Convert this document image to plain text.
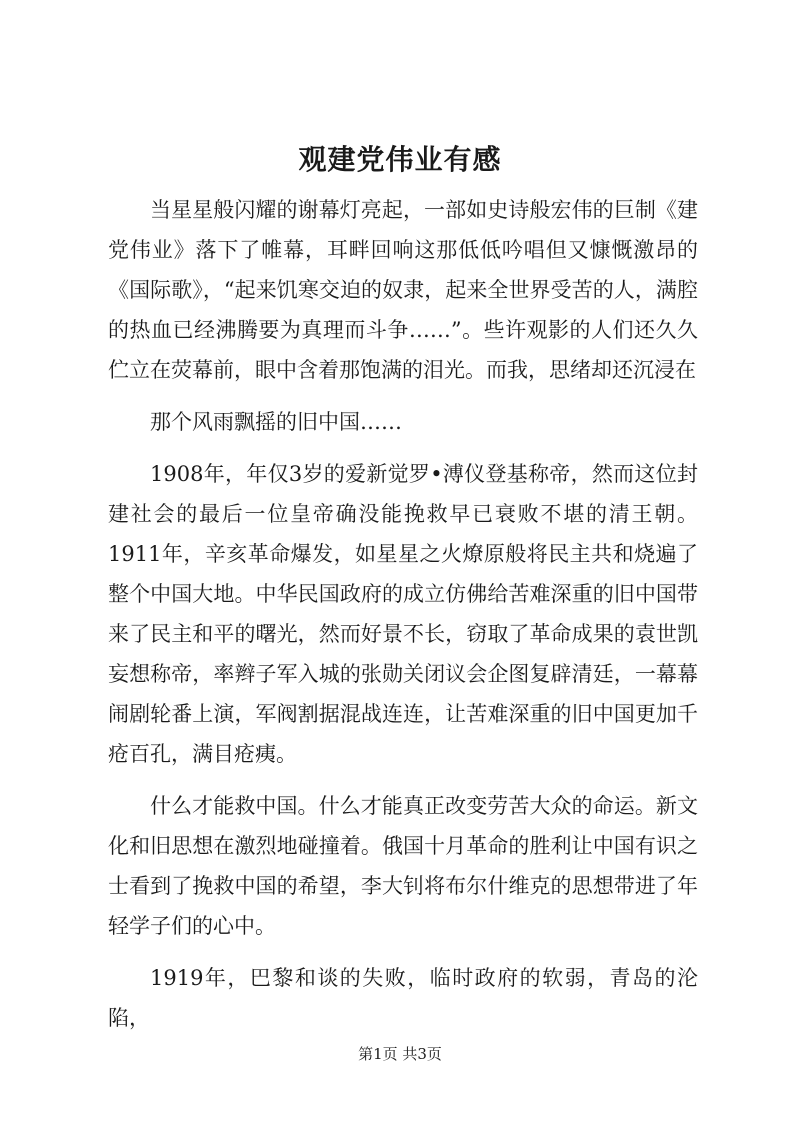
观建党伟业有感

当星星般闪耀的谢幕灯亮起，一部如史诗般宏伟的巨制《建党伟业》落下了帷幕，耳畔回响这那低低吟唱但又慷慨激昂的《国际歌》，“起来饥寒交迫的奴隶，起来全世界受苦的人，满腔的热血已经沸腾要为真理而斗争……”。些许观影的人们还久久伫立在荧幕前，眼中含着那饱满的泪光。而我，思绪却还沉浸在

那个风雨飘摇的旧中国……

1908年，年仅3岁的爱新觉罗•溥仪登基称帝，然而这位封建社会的最后一位皇帝确没能挽救早已衰败不堪的清王朝。1911年，辛亥革命爆发，如星星之火燎原般将民主共和烧遍了整个中国大地。中华民国政府的成立仿佛给苦难深重的旧中国带来了民主和平的曙光，然而好景不长，窃取了革命成果的袁世凯妄想称帝，率辫子军入城的张勋关闭议会企图复辟清廷，一幕幕闹剧轮番上演，军阀割据混战连连，让苦难深重的旧中国更加千疮百孔，满目疮痍。

什么才能救中国。什么才能真正改变劳苦大众的命运。新文化和旧思想在激烈地碰撞着。俄国十月革命的胜利让中国有识之士看到了挽救中国的希望，李大钊将布尔什维克的思想带进了年轻学子们的心中。

1919年，巴黎和谈的失败，临时政府的软弱，青岛的沦陷，

第1页 共3页
